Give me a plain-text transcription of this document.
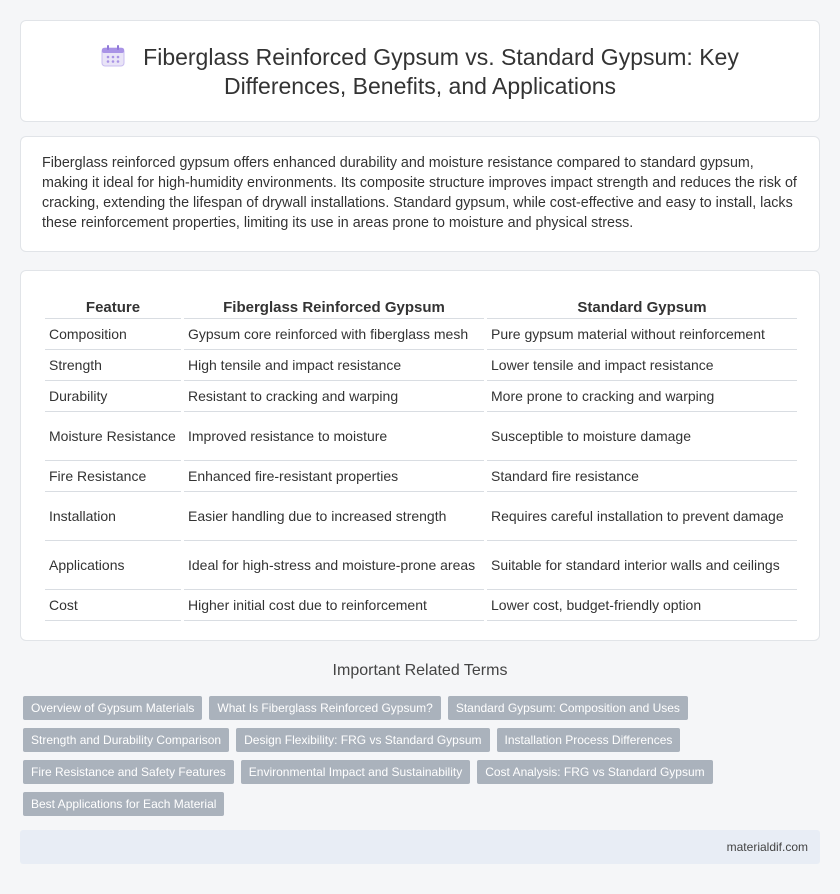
Fiberglass Reinforced Gypsum vs. Standard Gypsum: Key Differences, Benefits, and Applications

Fiberglass reinforced gypsum offers enhanced durability and moisture resistance compared to standard gypsum, making it ideal for high-humidity environments. Its composite structure improves impact strength and reduces the risk of cracking, extending the lifespan of drywall installations. Standard gypsum, while cost-effective and easy to install, lacks these reinforcement properties, limiting its use in areas prone to moisture and physical stress.

Feature	Fiberglass Reinforced Gypsum	Standard Gypsum
Composition	Gypsum core reinforced with fiberglass mesh	Pure gypsum material without reinforcement
Strength	High tensile and impact resistance	Lower tensile and impact resistance
Durability	Resistant to cracking and warping	More prone to cracking and warping
Moisture Resistance	Improved resistance to moisture	Susceptible to moisture damage
Fire Resistance	Enhanced fire-resistant properties	Standard fire resistance
Installation	Easier handling due to increased strength	Requires careful installation to prevent damage
Applications	Ideal for high-stress and moisture-prone areas	Suitable for standard interior walls and ceilings
Cost	Higher initial cost due to reinforcement	Lower cost, budget-friendly option
Important Related Terms
Overview of Gypsum Materials	What Is Fiberglass Reinforced Gypsum?	Standard Gypsum: Composition and Uses
Strength and Durability Comparison	Design Flexibility: FRG vs Standard Gypsum	Installation Process Differences
Fire Resistance and Safety Features	Environmental Impact and Sustainability	Cost Analysis: FRG vs Standard Gypsum
Best Applications for Each Material
materialdif.com
